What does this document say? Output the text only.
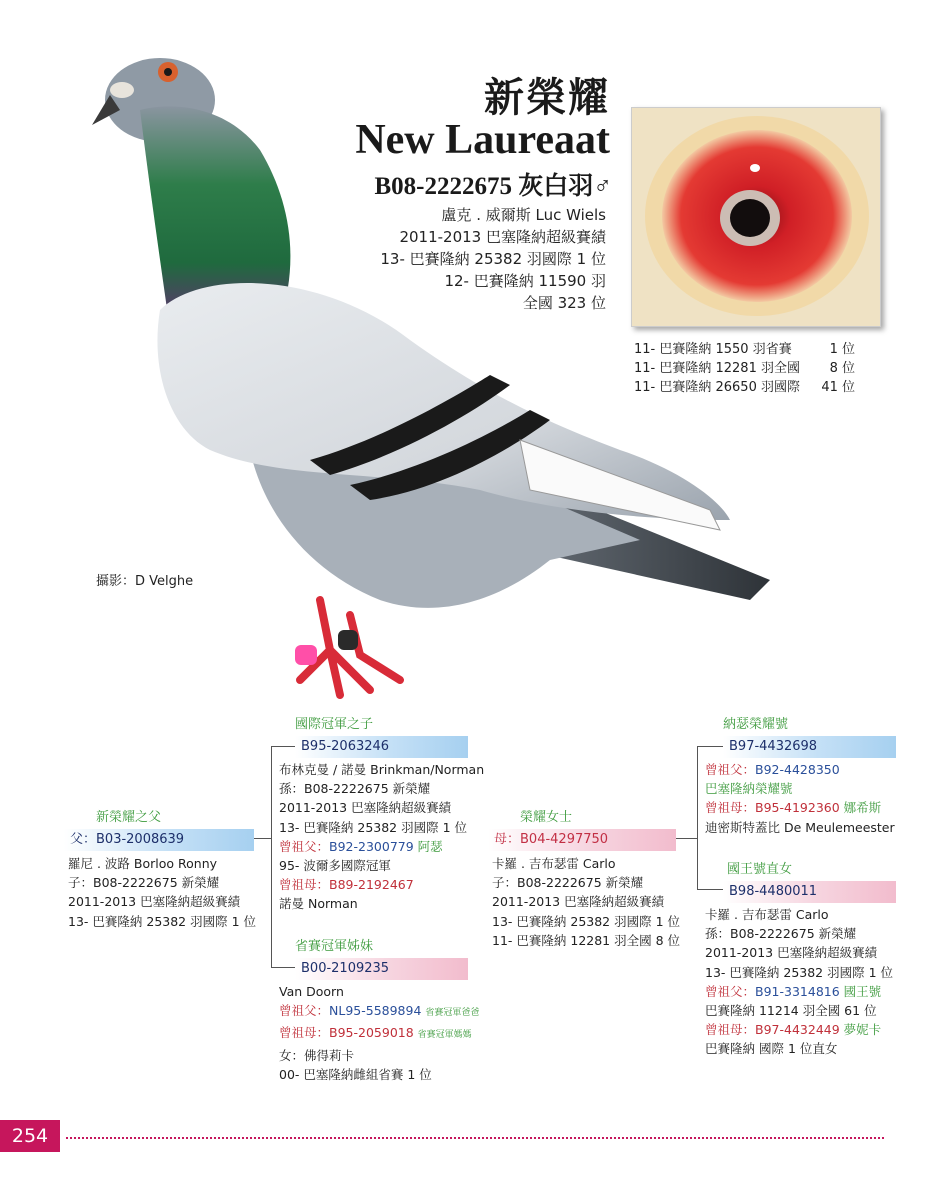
新榮耀
New Laureaat
B08-2222675 灰白羽♂
盧克 . 威爾斯 Luc Wiels
2011-2013 巴塞隆納超級賽績
13- 巴賽隆納 25382 羽國際 1 位
12- 巴賽隆納 11590 羽
全國 323 位
11- 巴賽隆納 1550 羽省賽	1 位
11- 巴賽隆納 12281 羽全國	8 位
11- 巴賽隆納 26650 羽國際	41 位
攝影：D Velghe
新榮耀之父
父：B03-2008639
羅尼 . 波路 Borloo Ronny
子：B08-2222675 新榮耀
2011-2013 巴塞隆納超級賽績
13- 巴賽隆納 25382 羽國際 1 位
國際冠軍之子
B95-2063246
布林克曼 / 諾曼 Brinkman/Norman
孫：B08-2222675 新榮耀
2011-2013 巴塞隆納超級賽績
13- 巴賽隆納 25382 羽國際 1 位
曾祖父：B92-2300779 阿瑟
95- 波爾多國際冠軍
曾祖母：B89-2192467
諾曼 Norman
省賽冠軍姊妹
B00-2109235
Van Doorn
曾祖父：NL95-5589894 省賽冠軍爸爸
曾祖母：B95-2059018 省賽冠軍媽媽
女：佛得莉卡
00- 巴塞隆納雌組省賽 1 位
榮耀女士
母：B04-4297750
卡羅 . 吉布瑟雷 Carlo
子：B08-2222675 新榮耀
2011-2013 巴塞隆納超級賽績
13- 巴賽隆納 25382 羽國際 1 位
11- 巴賽隆納 12281 羽全國 8 位
納瑟榮耀號
B97-4432698
曾祖父：B92-4428350
巴塞隆納榮耀號
曾祖母：B95-4192360 娜希斯
迪密斯特蓋比 De Meulemeester
國王號直女
B98-4480011
卡羅 . 吉布瑟雷 Carlo
孫：B08-2222675 新榮耀
2011-2013 巴塞隆納超級賽績
13- 巴賽隆納 25382 羽國際 1 位
曾祖父：B91-3314816 國王號
巴賽隆納 11214 羽全國 61 位
曾祖母：B97-4432449 夢妮卡
巴賽隆納 國際 1 位直女
254
